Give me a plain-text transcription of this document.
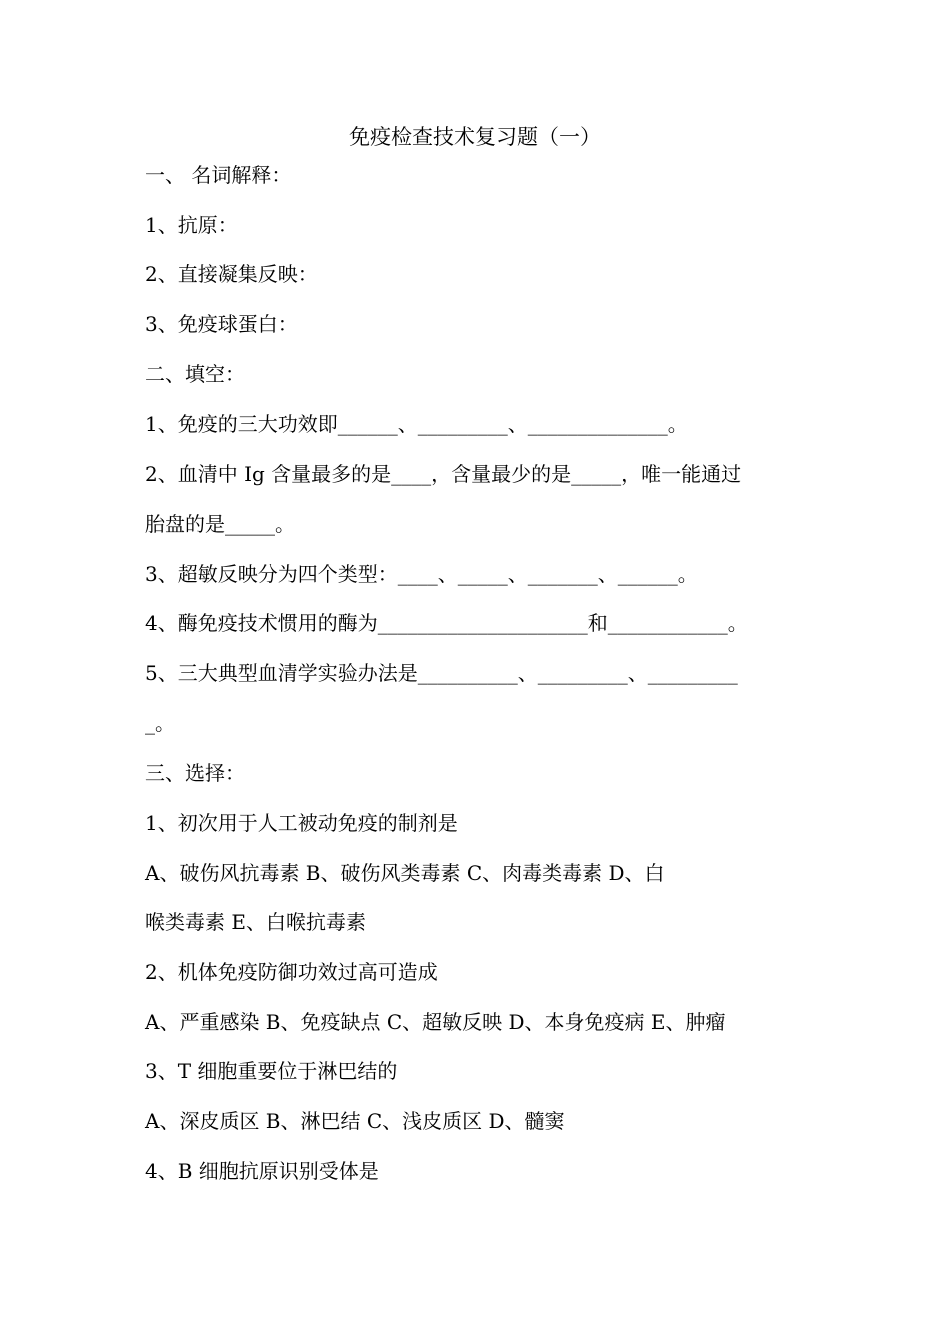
免疫检查技术复习题（一）
一、 名词解释：
1、抗原：
2、直接凝集反映：
3、免疫球蛋白：
二、填空：
1、免疫的三大功效即______、_________、______________。
2、血清中 Ig 含量最多的是____，含量最少的是_____，唯一能通过
胎盘的是_____。
3、超敏反映分为四个类型：____、_____、_______、______。
4、酶免疫技术惯用的酶为_____________________和____________。
5、三大典型血清学实验办法是__________、_________、_________
_。
三、选择：
1、初次用于人工被动免疫的制剂是
A、破伤风抗毒素 B、破伤风类毒素 C、肉毒类毒素 D、白
喉类毒素 E、白喉抗毒素
2、机体免疫防御功效过高可造成
A、严重感染 B、免疫缺点 C、超敏反映 D、本身免疫病 E、肿瘤
3、T 细胞重要位于淋巴结的
A、深皮质区 B、淋巴结 C、浅皮质区 D、髓窦
4、B 细胞抗原识别受体是
